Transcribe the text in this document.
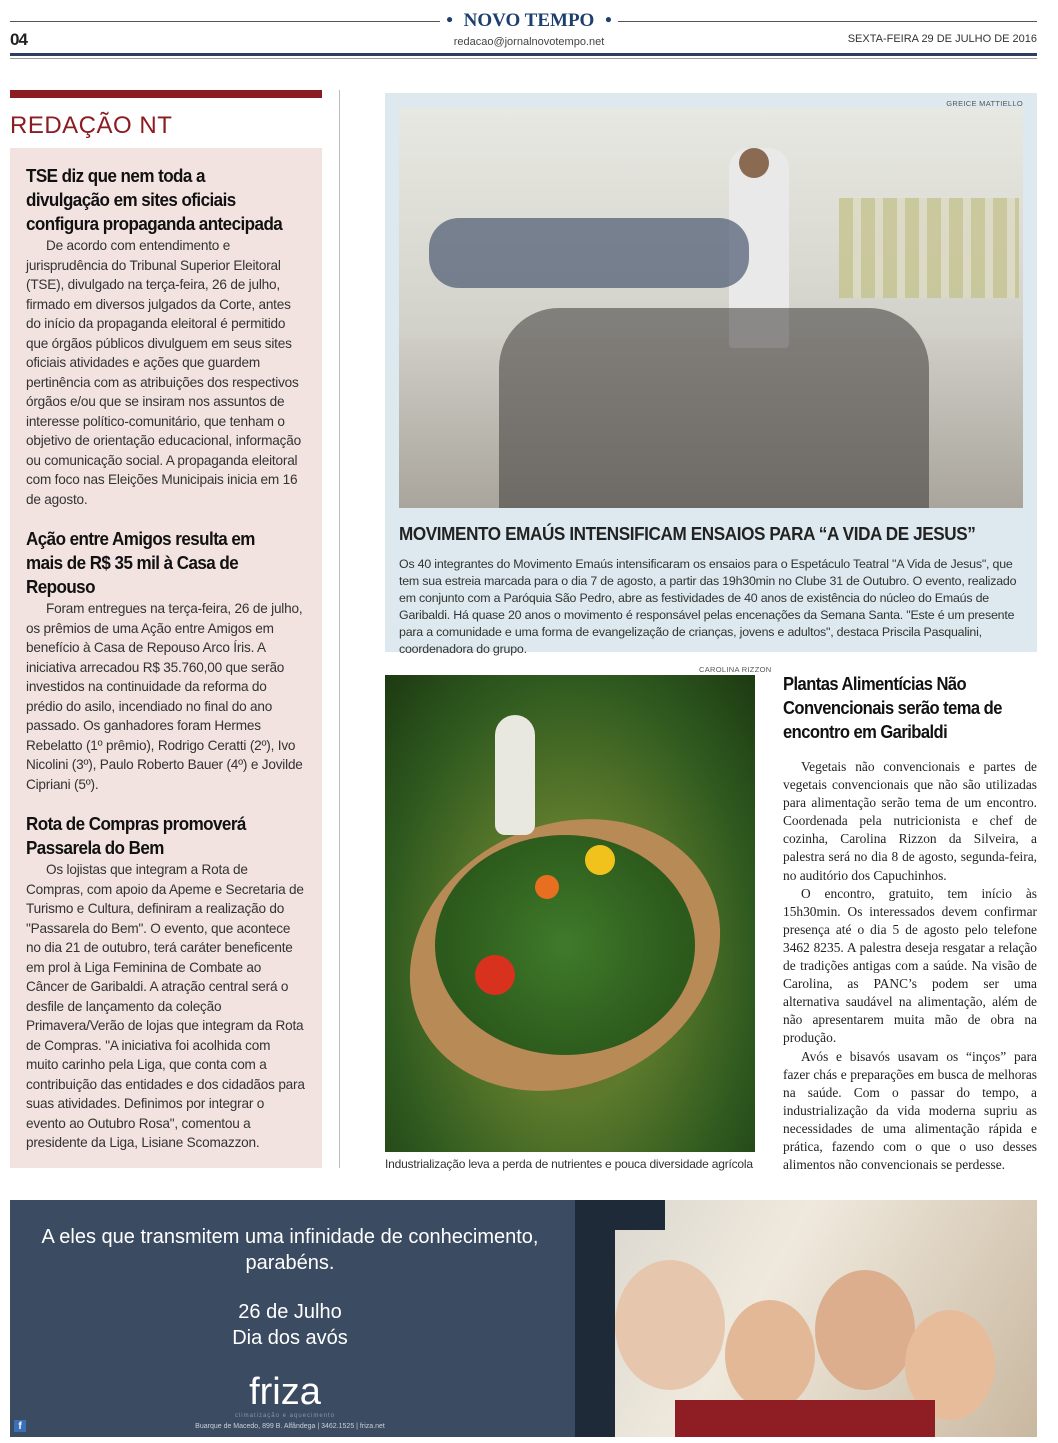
• NOVO TEMPO •
04	redacao@jornalnovotempo.net	SEXTA-FEIRA 29 DE JULHO DE 2016
REDAÇÃO NT
TSE diz que nem toda a divulgação em sites oficiais configura propaganda antecipada
De acordo com entendimento e jurisprudência do Tribunal Superior Eleitoral (TSE), divulgado na terça-feira, 26 de julho, firmado em diversos julgados da Corte, antes do início da propaganda eleitoral é permitido que órgãos públicos divulguem em seus sites oficiais atividades e ações que guardem pertinência com as atribuições dos respectivos órgãos e/ou que se insiram nos assuntos de interesse político-comunitário, que tenham o objetivo de orientação educacional, informação ou comunicação social. A propaganda eleitoral com foco nas Eleições Municipais inicia em 16 de agosto.
Ação entre Amigos resulta em mais de R$ 35 mil à Casa de Repouso
Foram entregues na terça-feira, 26 de julho, os prêmios de uma Ação entre Amigos em benefício à Casa de Repouso Arco Íris. A iniciativa arrecadou R$ 35.760,00 que serão investidos na continuidade da reforma do prédio do asilo, incendiado no final do ano passado. Os ganhadores foram Hermes Rebelatto (1º prêmio), Rodrigo Ceratti (2º), Ivo Nicolini (3º), Paulo Roberto Bauer (4º) e Jovilde Cipriani (5º).
Rota de Compras promoverá Passarela do Bem
Os lojistas que integram a Rota de Compras, com apoio da Apeme e Secretaria de Turismo e Cultura, definiram a realização do "Passarela do Bem". O evento, que acontece no dia 21 de outubro, terá caráter beneficente em prol à Liga Feminina de Combate ao Câncer de Garibaldi. A atração central será o desfile de lançamento da coleção Primavera/Verão de lojas que integram da Rota de Compras. "A iniciativa foi acolhida com muito carinho pela Liga, que conta com a contribuição das entidades e dos cidadãos para suas atividades. Definimos por integrar o evento ao Outubro Rosa", comentou a presidente da Liga, Lisiane Scomazzon.
GREICE MATTIELLO
MOVIMENTO EMAÚS INTENSIFICAM ENSAIOS PARA “A VIDA DE JESUS”
Os 40 integrantes do Movimento Emaús intensificaram os ensaios para o Espetáculo Teatral "A Vida de Jesus", que tem sua estreia marcada para o dia 7 de agosto, a partir das 19h30min no Clube 31 de Outubro. O evento, realizado em conjunto com a Paróquia São Pedro, abre as festividades de 40 anos de existência do núcleo do Emaús de Garibaldi. Há quase 20 anos o movimento é responsável pelas encenações da Semana Santa. "Este é um presente para a comunidade e uma forma de evangelização de crianças, jovens e adultos", destaca Priscila Pasqualini, coordenadora do grupo.
CAROLINA RIZZON
Industrialização leva a perda de nutrientes e pouca diversidade agrícola
Plantas Alimentícias Não Convencionais serão tema de encontro em Garibaldi

Vegetais não convencionais e partes de vegetais convencionais que não são utilizadas para alimentação serão tema de um encontro. Coordenada pela nutricionista e chef de cozinha, Carolina Rizzon da Silveira, a palestra será no dia 8 de agosto, segunda-feira, no auditório dos Capuchinhos.

O encontro, gratuito, tem início às 15h30min. Os interessados devem confirmar presença até o dia 5 de agosto pelo telefone 3462 8235. A palestra deseja resgatar a relação de tradições antigas com a saúde. Na visão de Carolina, as PANC’s podem ser uma alternativa saudável na alimentação, além de não apresentarem muita mão de obra na produção.

Avós e bisavós usavam os “inços” para fazer chás e preparações em busca de melhoras na saúde. Com o passar do tempo, a industrialização da vida moderna supriu as necessidades de uma alimentação rápida e prática, fazendo com o que o uso desses alimentos não convencionais se perdesse.

A eles que transmitem uma infinidade de conhecimento, parabéns.
26 de Julho
Dia dos avós
friza
climatização e aquecimento
Buarque de Macedo, 899 B. Alfândega | 3462.1525 | friza.net
f
